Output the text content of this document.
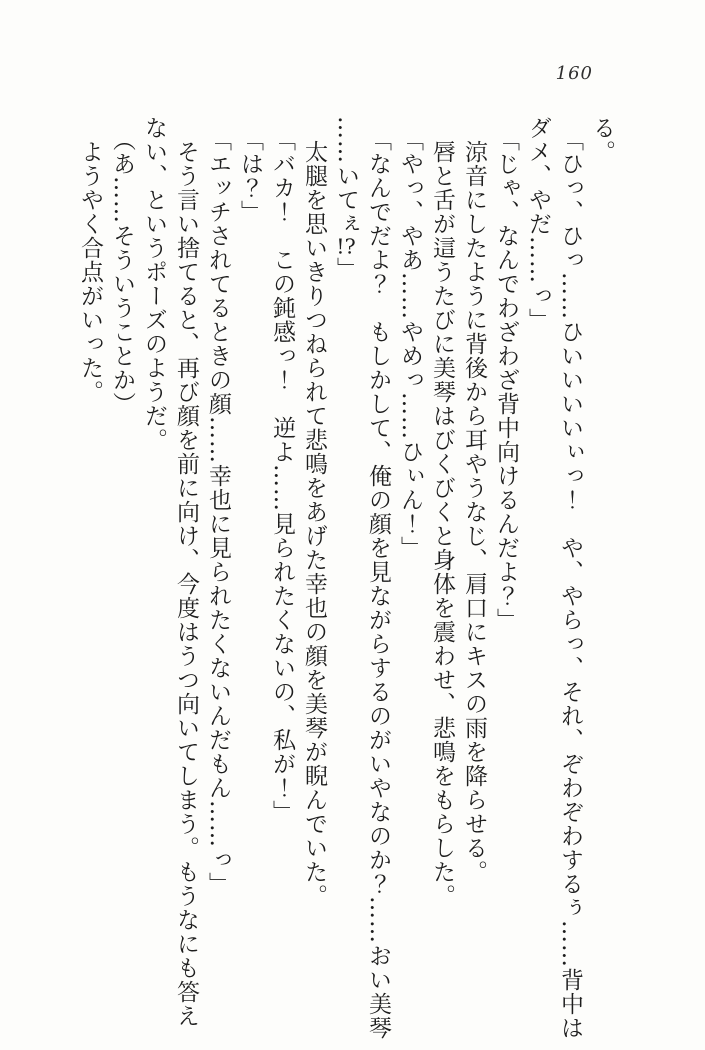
160
る。
「ひっ、ひっ……ひいいいいぃっ！　や、やらっ、それ、ぞわぞわするぅ……背中は
ダメ、やだ……っ」
「じゃ、なんでわざわざ背中向けるんだよ？」
涼音にしたように背後から耳やうなじ、肩口にキスの雨を降らせる。
唇と舌が這うたびに美琴はびくびくと身体を震わせ、悲鳴をもらした。
「やっ、やあ……やめっ……ひぃん！」
「なんでだよ？　もしかして、俺の顔を見ながらするのがいやなのか？……おい美琴
……いてぇ!?」
太腿を思いきりつねられて悲鳴をあげた幸也の顔を美琴が睨んでいた。
「バカ！　この鈍感っ！　逆よ……見られたくないの、私が！」
「は？」
「エッチされてるときの顔……幸也に見られたくないんだもん……っ」
そう言い捨てると、再び顔を前に向け、今度はうつ向いてしまう。もうなにも答え
ない、というポーズのようだ。
（あ……そういうことか）
ようやく合点がいった。
